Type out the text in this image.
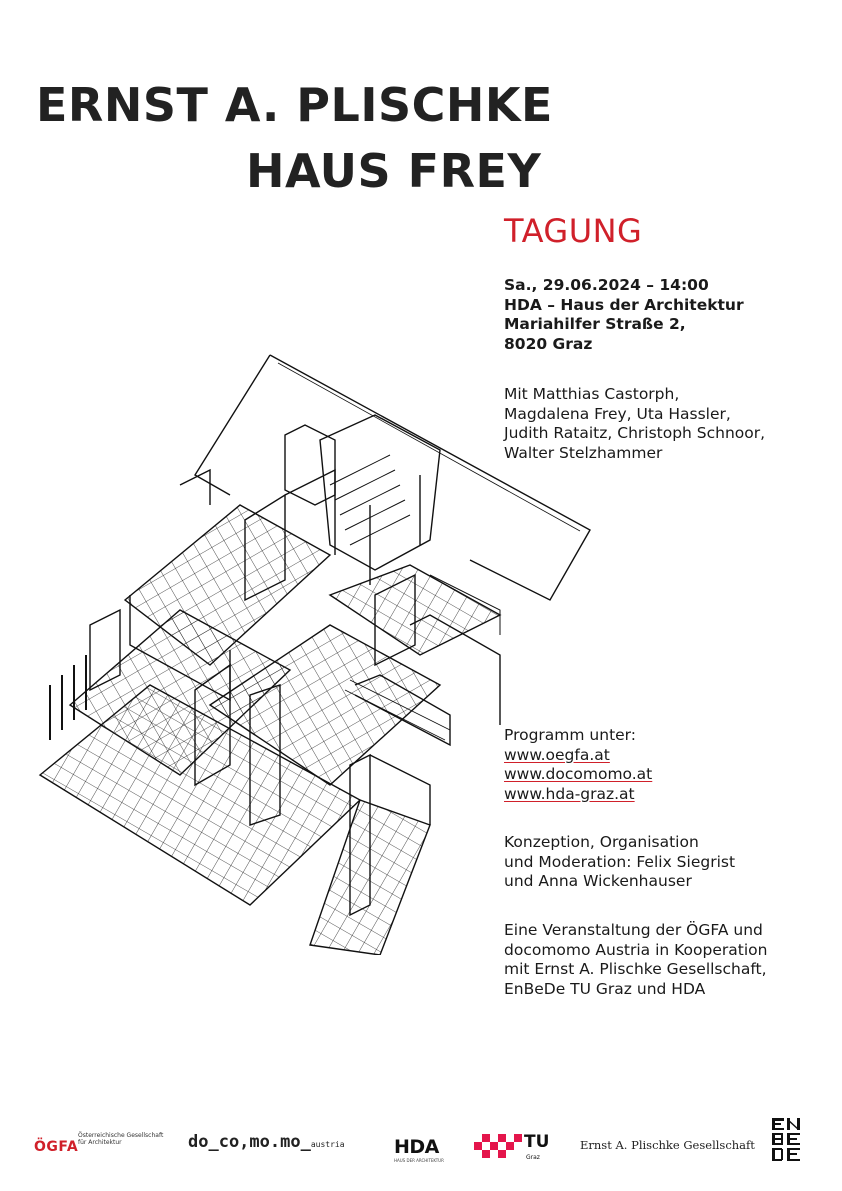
ERNST A. PLISCHKE
HAUS FREY
TAGUNG
Sa., 29.06.2024 – 14:00
HDA – Haus der Architektur
Mariahilfer Straße 2,
8020 Graz
Mit Matthias Castorph,
Magdalena Frey, Uta Hassler,
Judith Rataitz, Christoph Schnoor,
Walter Stelzhammer
Programm unter:
www.oegfa.at
www.docomomo.at
www.hda-graz.at
Konzeption, Organisation
und Moderation: Felix Siegrist
und Anna Wickenhauser
Eine Veranstaltung der ÖGFA und
docomomo Austria in Kooperation
mit Ernst A. Plischke Gesellschaft,
EnBeDe TU Graz und HDA
ÖGFA
Österreichische Gesellschaft für Architektur	do_co,mo.mo_austria	HDA
HAUS DER ARCHITEKTUR
TU
Graz
Ernst A. Plischke Gesellschaft
